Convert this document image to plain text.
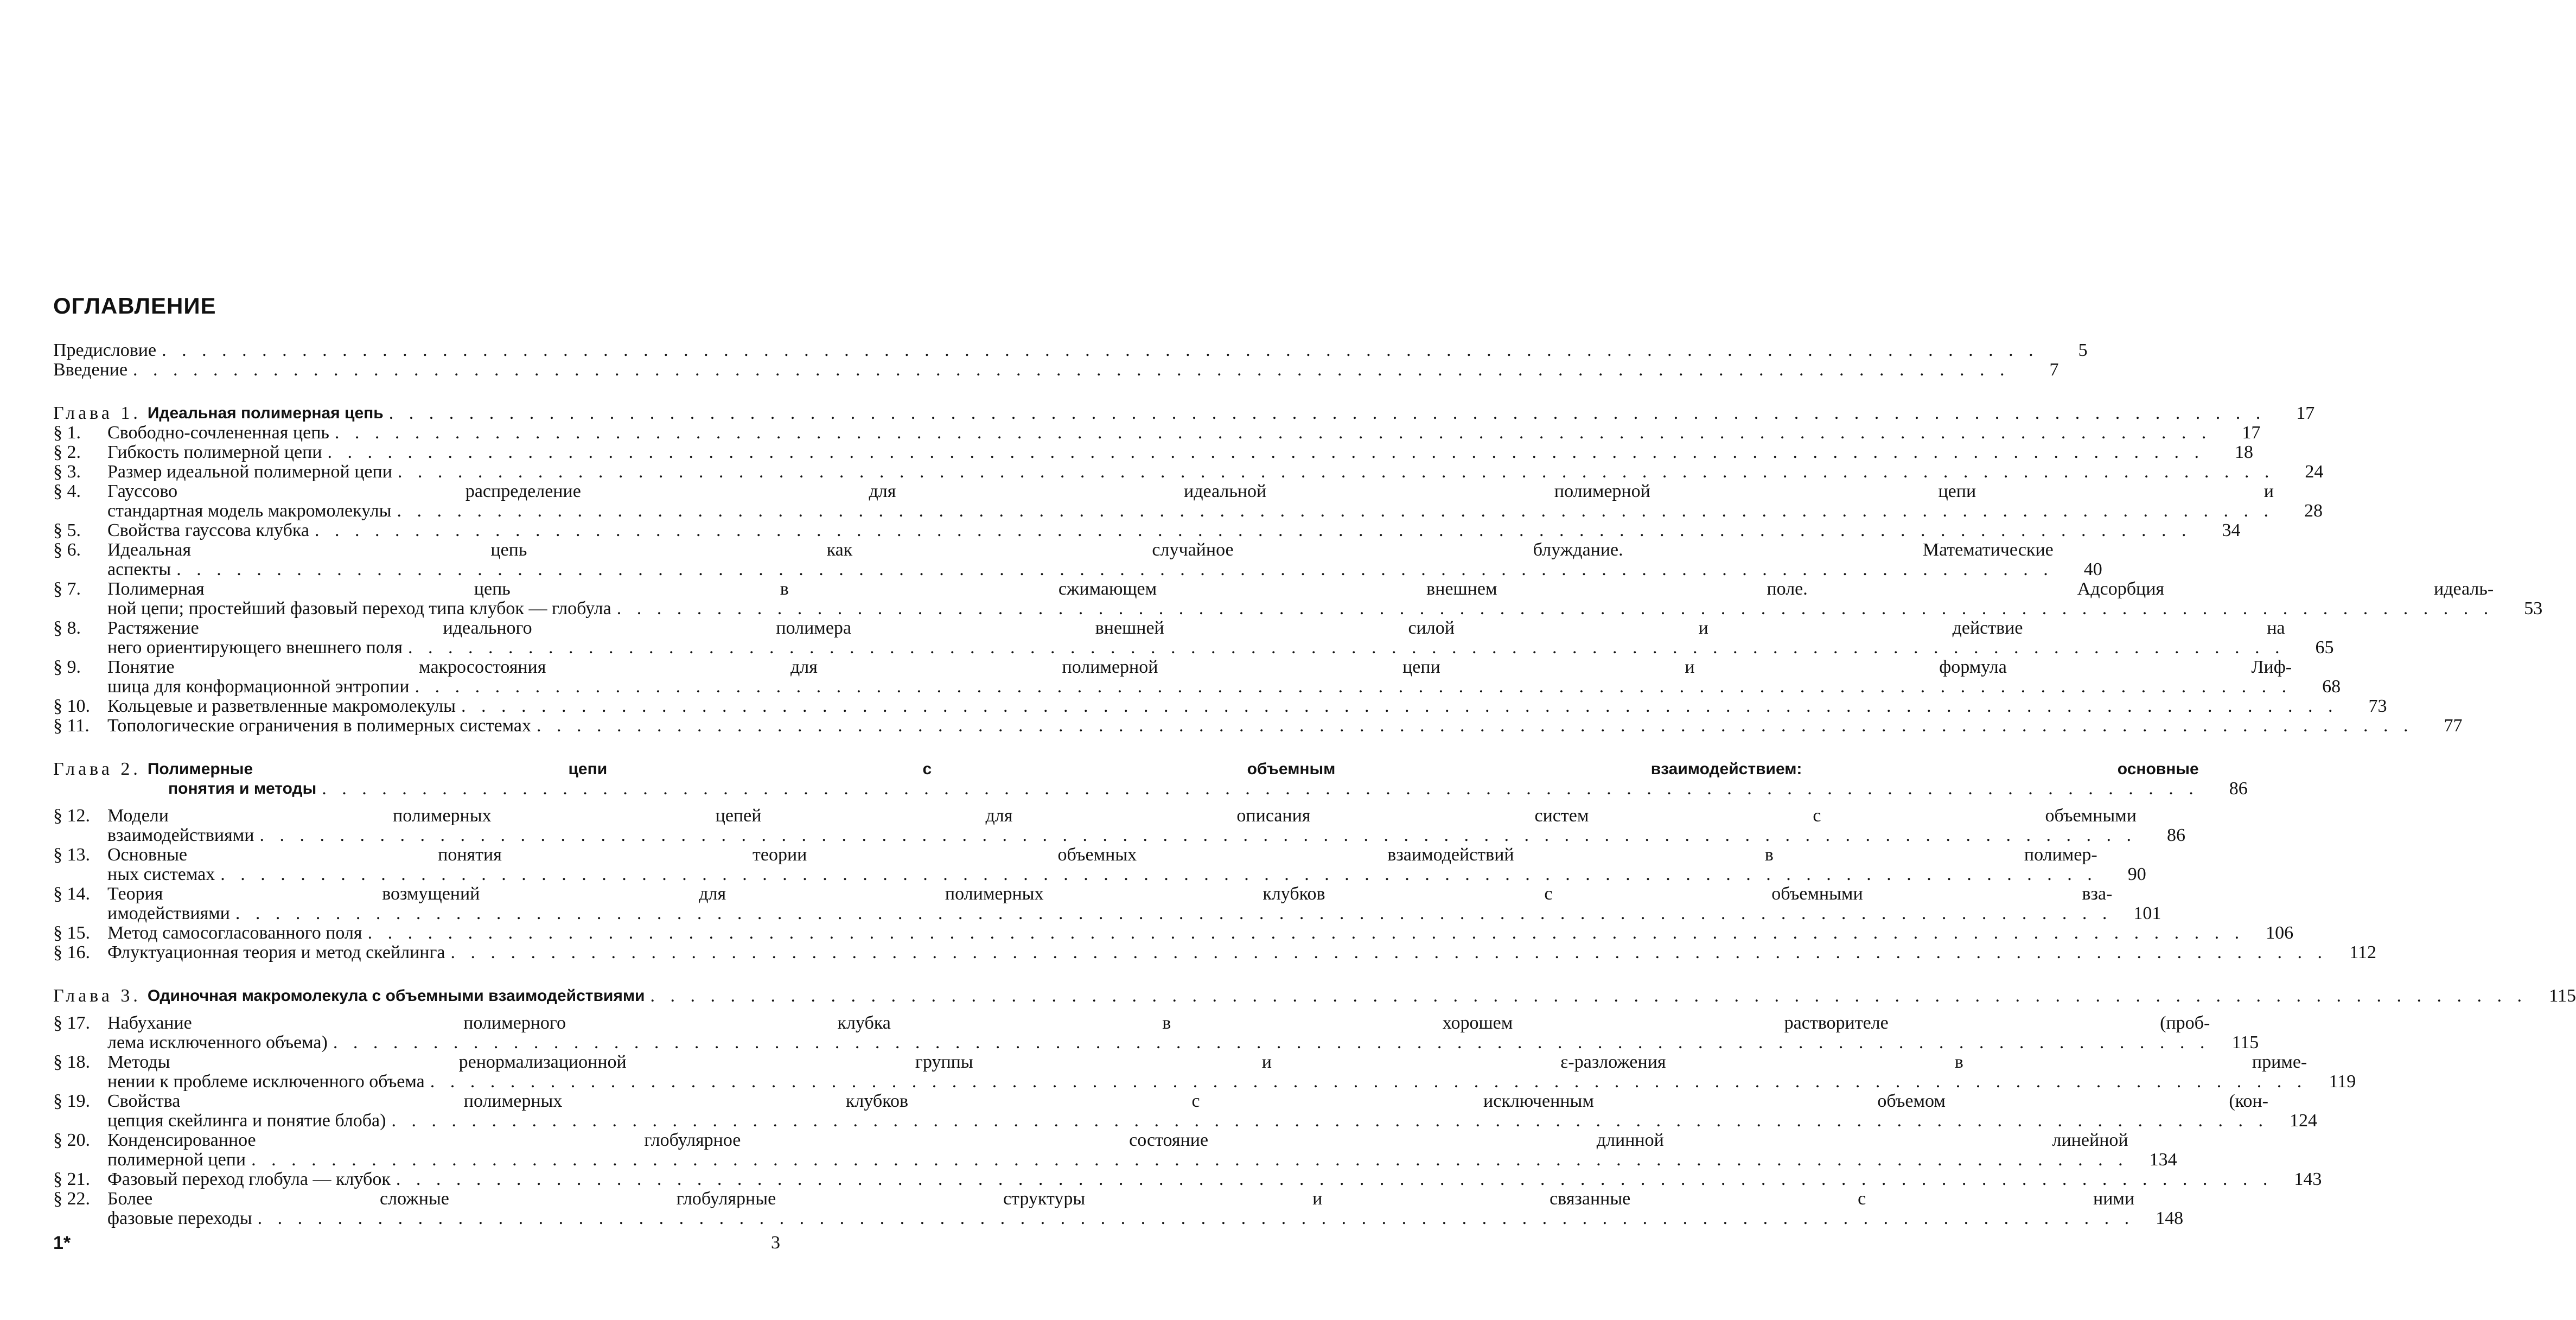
ОГЛАВЛЕНИЕ
Предисловие . . .	5
Введение . . .	7
Глава 1. Идеальная полимерная цепь . . .	17
§ 1.	Свободно-сочлененная цепь . . .	17
§ 2.	Гибкость полимерной цепи . . .	18
§ 3.	Размер идеальной полимерной цепи . . .	24
§ 4.	Гауссово распределение для идеальной полимерной цепи и
стандартная модель макромолекулы . . .	28
§ 5.	Свойства гауссова клубка . . .	34
§ 6.	Идеальная цепь как случайное блуждание. Математические
аспекты . . .	40
§ 7.	Полимерная цепь в сжимающем внешнем поле. Адсорбция идеаль-
ной цепи; простейший фазовый переход типа клубок — глобула . . .	53
§ 8.	Растяжение идеального полимера внешней силой и действие на
него ориентирующего внешнего поля . . .	65
§ 9.	Понятие макросостояния для полимерной цепи и формула Лиф-
шица для конформационной энтропии . . .	68
§ 10. Кольцевые и разветвленные макромолекулы . . .	73
§ 11. Топологические ограничения в полимерных системах . . .	77
Глава 2. Полимерные цепи с объемным взаимодействием: основные
понятия и методы . . .	86
§ 12. Модели полимерных цепей для описания систем с объемными
взаимодействиями . . .	86
§ 13. Основные понятия теории объемных взаимодействий в полимер-
ных системах . . .	90
§ 14. Теория возмущений для полимерных клубков с объемными вза-
имодействиями . . .	101
§ 15. Метод самосогласованного поля . . .	106
§ 16. Флуктуационная теория и метод скейлинга . . .	112
Глава 3. Одиночная макромолекула с объемными взаимодействиями . . .	115
§ 17. Набухание полимерного клубка в хорошем растворителе (проб-
лема исключенного объема) . . .	115
§ 18. Методы ренормализационной группы и ε-разложения в приме-
нении к проблеме исключенного объема . . .	119
§ 19. Свойства полимерных клубков с исключенным объемом (кон-
цепция скейлинга и понятие блоба) . . .	124
§ 20. Конденсированное глобулярное состояние длинной линейной
полимерной цепи . . .	134
§ 21. Фазовый переход глобула — клубок . . .	143
§ 22. Более сложные глобулярные структуры и связанные с ними
фазовые переходы . . .	148
1*	3
